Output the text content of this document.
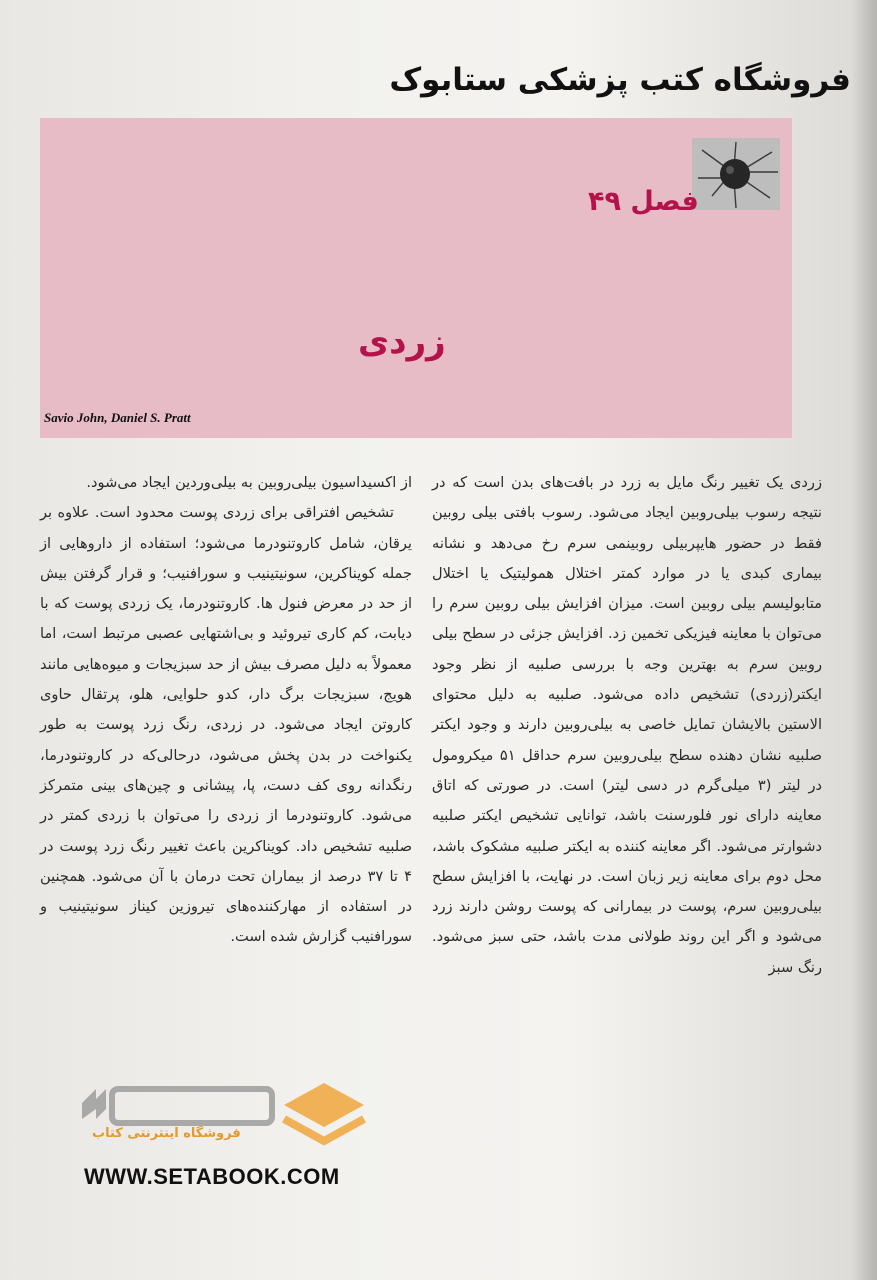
فروشگاه کتب پزشکی ستابوک
فصل ۴۹
زردی

Savio John, Daniel S. Pratt

زردی یک تغییر رنگ مایل به زرد در بافت‌های بدن است که در نتیجه رسوب بیلی‌روبین ایجاد می‌شود. رسوب بافتی بیلی روبین فقط در حضور هایپربیلی روبینمی سرم رخ می‌دهد و نشانه بیماری کبدی یا در موارد کمتر اختلال همولیتیک یا اختلال متابولیسم بیلی روبین است. میزان افزایش بیلی روبین سرم را می‌توان با معاینه فیزیکی تخمین زد. افزایش جزئی در سطح بیلی روبین سرم به بهترین وجه با بررسی صلبیه از نظر وجود ایکتر(زردی) تشخیص داده می‌شود. صلبیه به دلیل محتوای الاستین بالایشان تمایل خاصی به بیلی‌روبین دارند و وجود ایکتر صلبیه نشان دهنده سطح بیلی‌روبین سرم حداقل ۵۱ میکرومول در لیتر (۳ میلی‌گرم در دسی لیتر) است. در صورتی که اتاق معاینه دارای نور فلورسنت باشد، توانایی تشخیص ایکتر صلبیه دشوارتر می‌شود. اگر معاینه کننده به ایکتر صلبیه مشکوک باشد، محل دوم برای معاینه زیر زبان است. در نهایت، با افزایش سطح بیلی‌روبین سرم، پوست در بیمارانی که پوست روشن دارند زرد می‌شود و اگر این روند طولانی مدت باشد، حتی سبز می‌شود. رنگ سبز

از اکسیداسیون بیلی‌روبین به بیلی‌وردین ایجاد می‌شود.

تشخیص افتراقی برای زردی پوست محدود است. علاوه بر یرقان، شامل کاروتنودرما می‌شود؛ استفاده از داروهایی از جمله کویناکرین، سونیتینیب و سورافنیب؛ و قرار گرفتن بیش از حد در معرض فنول ها. کاروتنودرما، یک زردی پوست که با دیابت، کم کاری تیروئید و بی‌اشتهایی عصبی مرتبط است، اما معمولاً به دلیل مصرف بیش از حد سبزیجات و میوه‌هایی مانند هویج، سبزیجات برگ دار، کدو حلوایی، هلو، پرتقال حاوی کاروتن ایجاد می‌شود. در زردی، رنگ زرد پوست به طور یکنواخت در بدن پخش می‌شود، درحالی‌که در کاروتنودرما، رنگدانه روی کف دست، پا، پیشانی و چین‌های بینی متمرکز می‌شود. کاروتنودرما از زردی را می‌توان با زردی کمتر در صلبیه تشخیص داد. کویناکرین باعث تغییر رنگ زرد پوست در ۴ تا ۳۷ درصد از بیماران تحت درمان با آن می‌شود. همچنین در استفاده از مهارکننده‌های تیروزین کیناز سونیتینیب و سورافنیب گزارش شده است.

فروشگاه اینترنتی کتاب

WWW.SETABOOK.COM
